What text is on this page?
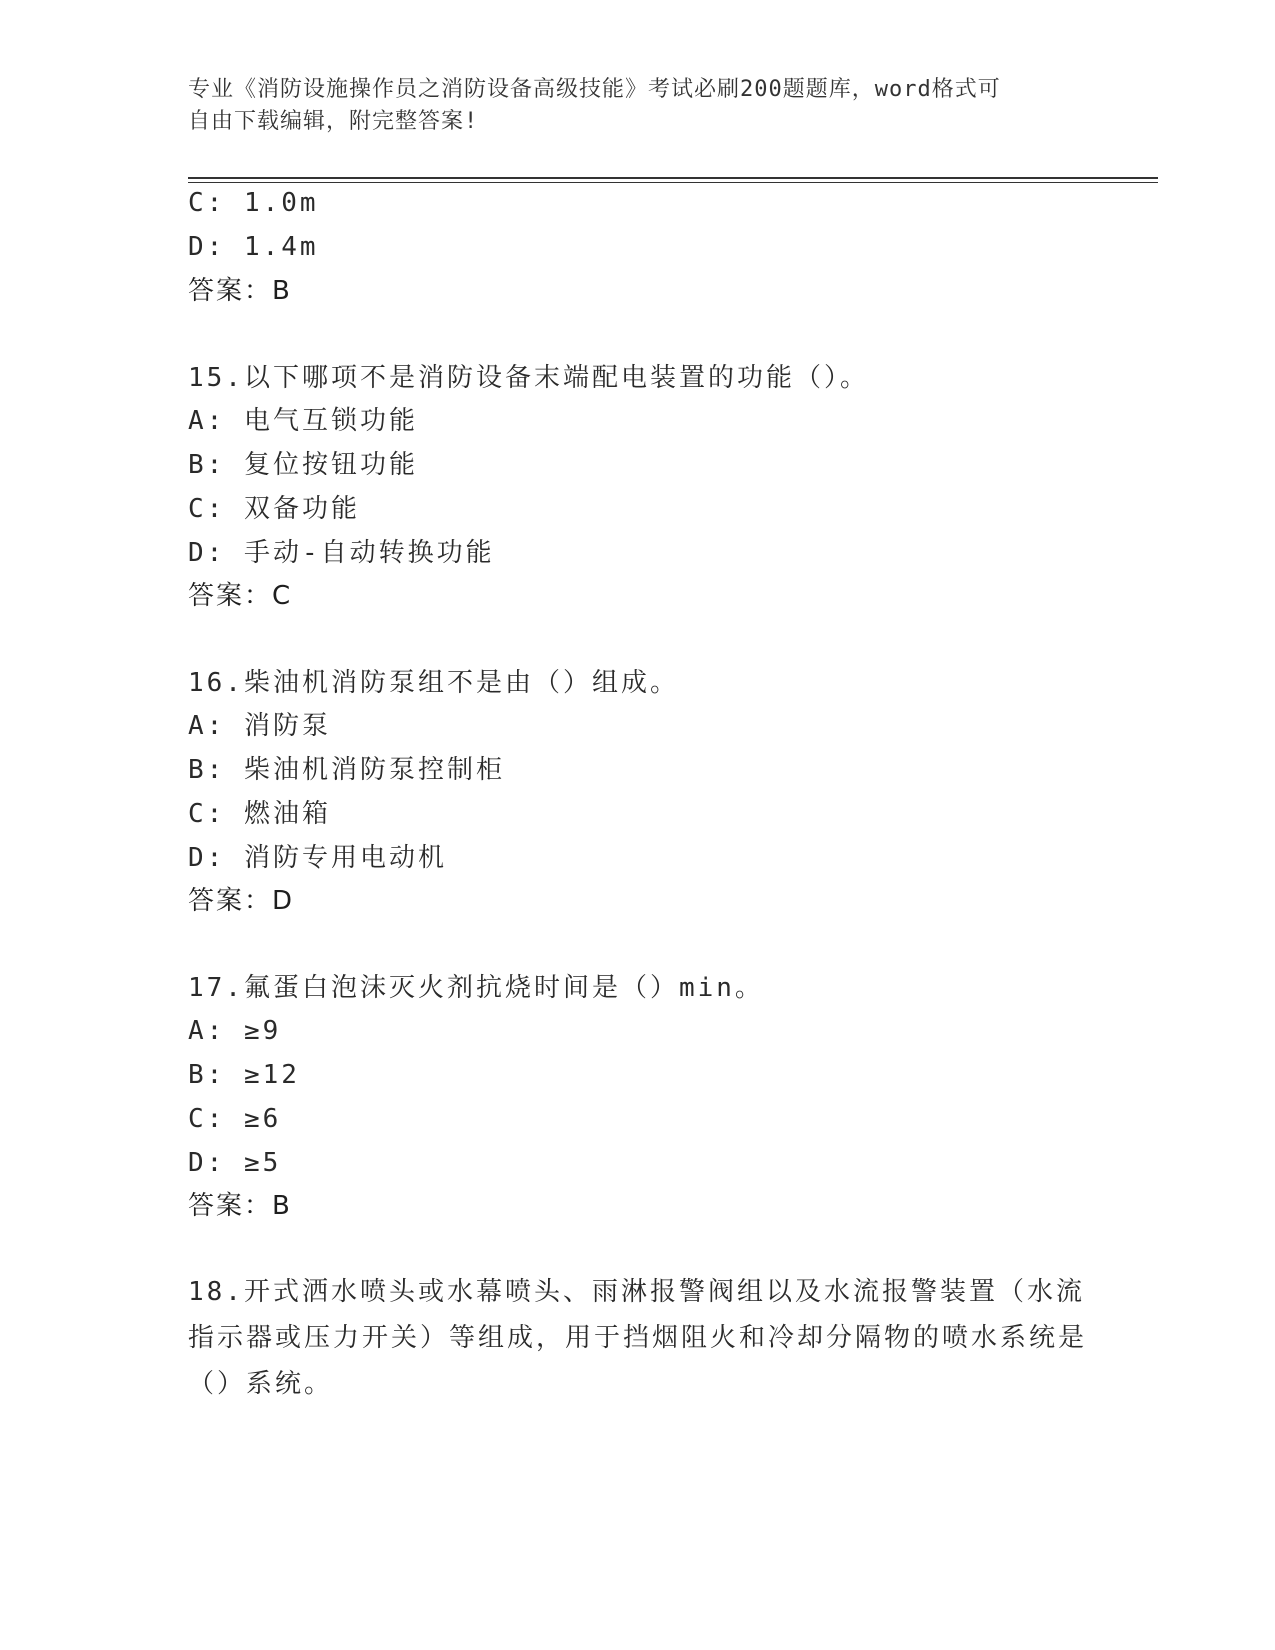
专业《消防设施操作员之消防设备高级技能》考试必刷200题题库，word格式可
自由下载编辑，附完整答案!
C: 1.0m
D: 1.4m
答案：B
15.以下哪项不是消防设备末端配电装置的功能（）。
A: 电气互锁功能
B: 复位按钮功能
C: 双备功能
D: 手动-自动转换功能
答案：C
16.柴油机消防泵组不是由（）组成。
A: 消防泵
B: 柴油机消防泵控制柜
C: 燃油箱
D: 消防专用电动机
答案：D
17.氟蛋白泡沫灭火剂抗烧时间是（）min。
A: ≥9
B: ≥12
C: ≥6
D: ≥5
答案：B
18.开式洒水喷头或水幕喷头、雨淋报警阀组以及水流报警装置（水流指示器或压力开关）等组成，用于挡烟阻火和冷却分隔物的喷水系统是（）系统。
